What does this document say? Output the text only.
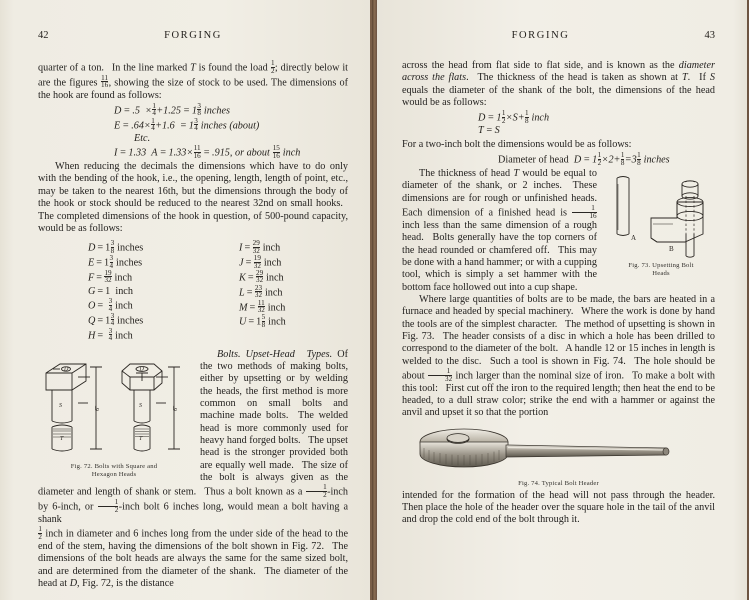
42	FORGING

quarter of a ton.  In the line marked T is found the load $\frac{1}{2}$ ; directly below it are the figures $\frac{11}{16}$ , showing the size of stock to be used. The dimensions of the hook are found as follows:

D = .5 × $\frac{1}{4} +1.25 = 1 \frac{3}{8}$ inches
$E = .64\times \frac{1}{4} +1.6$ = $1 \frac{3}{4}$ inches (about)
Etc.
I = 1.33 $A = 1.33\times \frac{11}{16} = .915$, or about $\frac{15}{16}$ inch

When reducing the decimals the dimensions which have to do only with the bending of the hook, i.e., the opening, length, length of point, etc., may be taken to the nearest 16th, but the dimensions through the body of the hook or stock should be reduced to the nearest 32nd on small hooks.  The completed dimensions of the hook in question, of 500-pound capacity, would be as follows:

$D = 1 \frac{3}{8}$ inches
$E = 1 \frac{3}{4}$ inches
$F = \frac{19}{32}$ inch
G = 1 inch
O =  $\frac{3}{4}$ inch
$Q = 1 \frac{3}{4}$ inches
H =  $\frac{3}{4}$ inch
$I = \frac{29}{32}$ inch
$J = \frac{19}{32}$ inch
$K = \frac{29}{32}$ inch
$L = \frac{23}{32}$ inch
$M = \frac{11}{32}$ inch
$U = 1 \frac{5}{8}$ inch
D
S
T
D
S
T
6"	6"
Fig. 72. Bolts with Square and
Hexagon Heads

Bolts.  Upset-Head Types. Of the two methods of making bolts, either by upsetting or by welding the heads, the first method is more common on small bolts and machine made bolts.  The welded head is more commonly used for heavy hand forged bolts.  The upset head is the stronger provided both are equally well made.  The size of the bolt is always given as the diameter and length of shank or stem.  Thus a bolt known as a $\frac{1}{2}$ -inch by 6-inch, or $\frac{1}{2}$ -inch bolt 6 inches long, would mean a bolt having a shank

$\frac{1}{2}$ inch in diameter and 6 inches long from the under side of the head to the end of the stem, having the dimensions of the bolt shown in Fig. 72.  The dimensions of the bolt heads are always the same for the same sized bolt, and are determined from the diameter of the shank.  The diameter of the head at D, Fig. 72, is the distance

FORGING	43

across the head from flat side to flat side, and is known as the diameter across the flats.  The thickness of the head is taken as shown at T.  If S equals the diameter of the shank of the bolt, the dimensions of the head would be as follows:

$D = 1 \frac{1}{2} \times S+ \frac{1}{8}$ inch
T = S

For a two-inch bolt the dimensions would be as follows:

Diameter of head  $D = 1 \frac{1}{2} \times 2+ \frac{1}{8} =3 \frac{1}{8}$ inches
A
B
Fig. 73. Upsetting Bolt
Heads

The thickness of head T would be equal to diameter of the shank, or 2 inches.  These dimensions are for rough or unfinished heads. Each dimension of a finished head is $\frac{1}{16}$
inch less than the same dimension of a rough head.  Bolts generally have the top corners of the head rounded or chamfered off.  This may be done with a hand hammer; or with a cupping tool, which is simply a set hammer with the bottom face hollowed out into a cup shape.

Where large quantities of bolts are to be made, the bars are heated in a furnace and headed by special machinery.  Where the work is done by hand the tools are of the simplest character.  The method of upsetting is shown in Fig. 73.  The header consists of a disc in which a hole has been drilled to correspond to the diameter of the bolt.  A handle 12 or 15 inches in length is welded to the disc.  Such a tool is shown in Fig. 74.  The hole should be about $\frac{1}{32}$ inch larger than the nominal size of iron.  To make a bolt with this tool:  First cut off the iron to the required length; then heat the end to be headed, to a dull straw color; strike the end with a hammer or against the anvil and upset it so that the portion

Fig. 74. Typical Bolt Header

intended for the formation of the head will not pass through the header. Then place the hole of the header over the square hole in the tail of the anvil and drop the cold end of the bolt through it.
